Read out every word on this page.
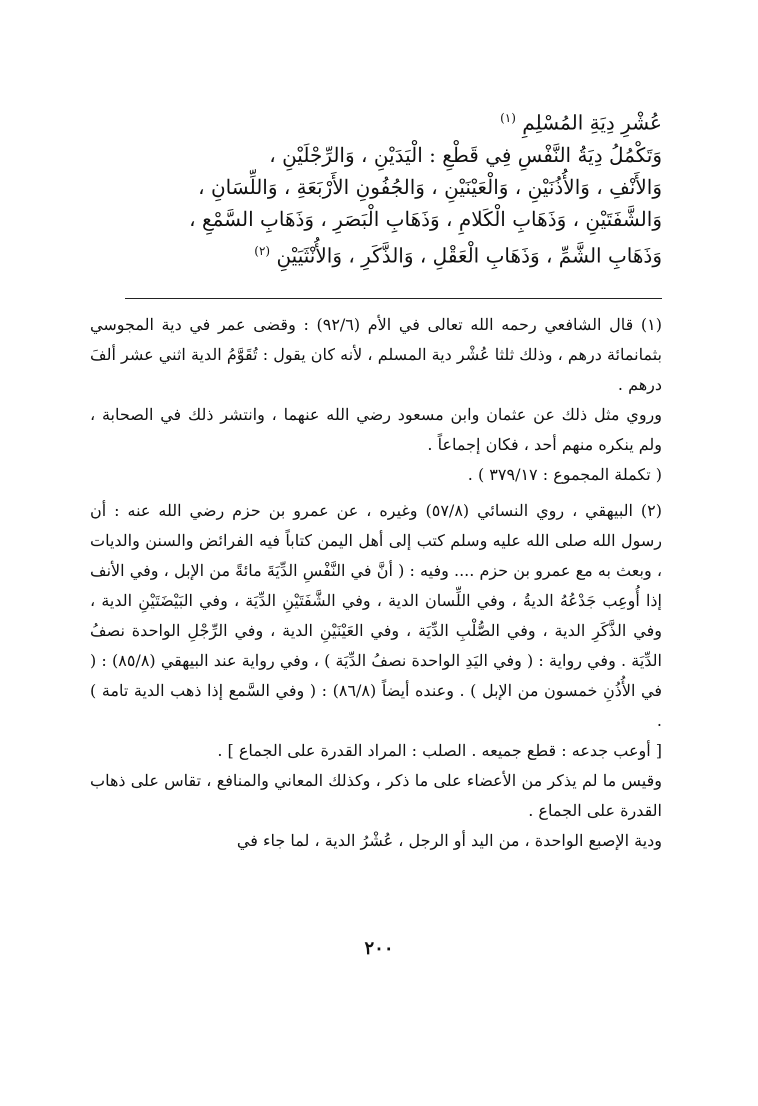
عُشْرِ دِيَةِ المُسْلِمِ $^{(١)}$

وَتَكْمُلُ دِيَةُ النَّفْسِ فِي قَطْعِ : الْيَدَيْنِ ، وَالرِّجْلَيْنِ ،

وَالأَنْفِ ، وَالأُذُنَيْنِ ، وَالْعَيْنَيْنِ ، وَالجُفُونِ الأَرْبَعَةِ ، وَاللِّسَانِ ،

وَالشَّفَتَيْنِ ، وَذَهَابِ الْكَلامِ ، وَذَهَابِ الْبَصَرِ ، وَذَهَابِ السَّمْعِ ،

وَذَهَابِ الشَّمِّ ، وَذَهَابِ الْعَقْلِ ، وَالذَّكَرِ ، وَالأُنْثَيَيْنِ $^{(٢)}$

(١) قال الشافعي رحمه الله تعالى في الأم (٩٢/٦) : وقضى عمر في دية المجوسي بثمانمائة درهم ، وذلك ثلثا عُشْر دية المسلم ، لأنه كان يقول : تُقَوَّمُ الدية اثني عشر ألفَ درهم .

وروي مثل ذلك عن عثمان وابن مسعود رضي الله عنهما ، وانتشر ذلك في الصحابة ، ولم ينكره منهم أحد ، فكان إجماعاً .

( تكملة المجموع : ٣٧٩/١٧ ) .

(٢) البيهقي ، روي النسائي (٥٧/٨) وغيره ، عن عمرو بن حزم رضي الله عنه : أن رسول الله صلى الله عليه وسلم كتب إلى أهل اليمن كتاباً فيه الفرائض والسنن والديات ، وبعث به مع عمرو بن حزم .... وفيه : ( أنَّ في النَّفْسِ الدِّيَةَ مائةً من الإبل ، وفي الأنف إذا أُوعِب جَدْعُهُ الديةُ ، وفي اللِّسان الدية ، وفي الشَّفَتَيْنِ الدِّيَة ، وفي البَيْضَتَيْنِ الدية ، وفي الذَّكَرِ الدية ، وفي الصُّلْبِ الدِّيَة ، وفي العَيْنَيْنِ الدية ، وفي الرِّجْلِ الواحدة نصفُ الدِّيَة . وفي رواية : ( وفي اليَدِ الواحدة نصفُ الدِّيَة ) ، وفي رواية عند البيهقي (٨٥/٨) : ( في الأُذُنِ خمسون من الإبل ) . وعنده أيضاً (٨٦/٨) : ( وفي السَّمع إذا ذهب الدية تامة ) .

[ أوعب جدعه : قطع جميعه . الصلب : المراد القدرة على الجماع ] .

وقيس ما لم يذكر من الأعضاء على ما ذكر ، وكذلك المعاني والمنافع ، تقاس على ذهاب القدرة على الجماع .

ودية الإصبع الواحدة ، من اليد أو الرجل ، عُشْرُ الدية ، لما جاء في

٢٠٠
